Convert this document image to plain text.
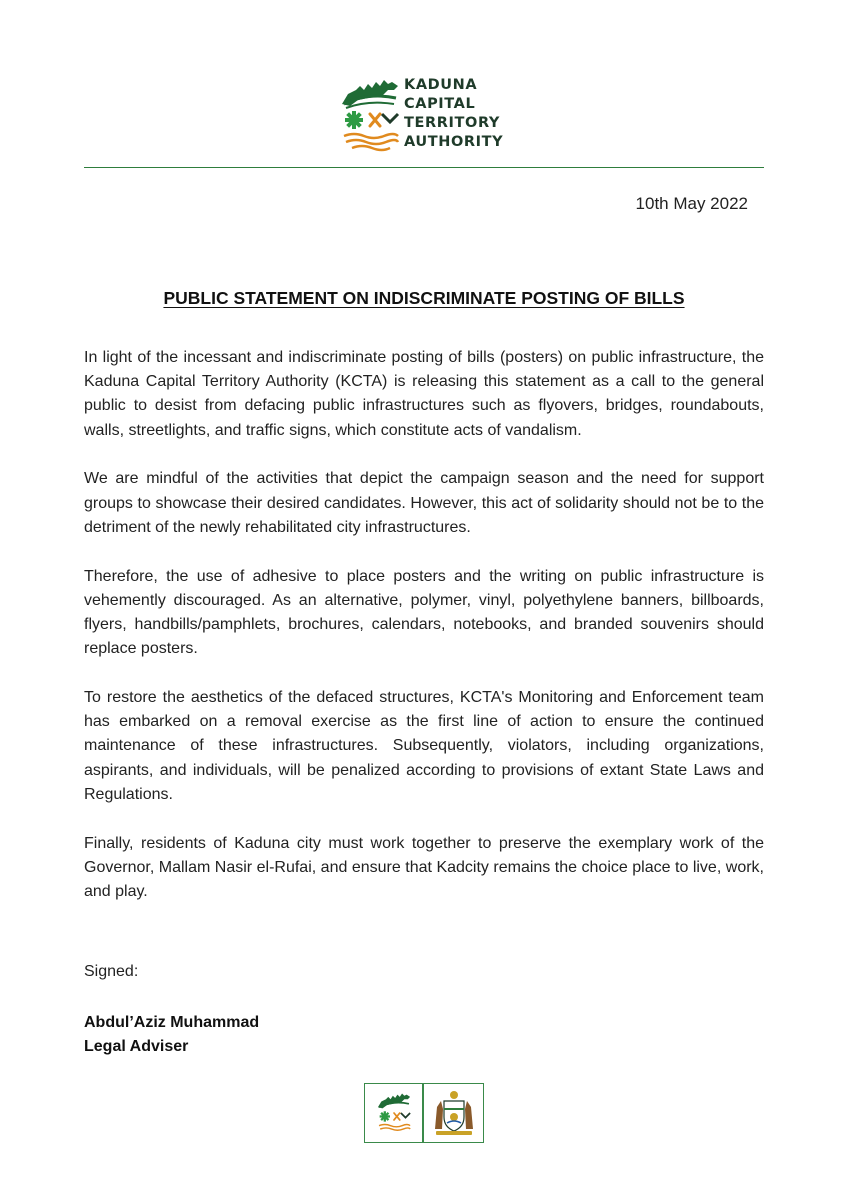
KADUNA
CAPITAL
TERRITORY
AUTHORITY
10th May 2022
PUBLIC STATEMENT ON INDISCRIMINATE POSTING OF BILLS

In light of the incessant and indiscriminate posting of bills (posters) on public infrastructure, the Kaduna Capital Territory Authority (KCTA) is releasing this statement as a call to the general public to desist from defacing public infrastructures such as flyovers, bridges, roundabouts, walls, streetlights, and traffic signs, which constitute acts of vandalism.

We are mindful of the activities that depict the campaign season and the need for support groups to showcase their desired candidates. However, this act of solidarity should not be to the detriment of the newly rehabilitated city infrastructures.

Therefore, the use of adhesive to place posters and the writing on public infrastructure is vehemently discouraged. As an alternative, polymer, vinyl, polyethylene banners, billboards, flyers, handbills/pamphlets, brochures, calendars, notebooks, and branded souvenirs should replace posters.

To restore the aesthetics of the defaced structures, KCTA's Monitoring and Enforcement team has embarked on a removal exercise as the first line of action to ensure the continued maintenance of these infrastructures. Subsequently, violators, including organizations, aspirants, and individuals, will be penalized according to provisions of extant State Laws and Regulations.

Finally, residents of Kaduna city must work together to preserve the exemplary work of the Governor, Mallam Nasir el-Rufai, and ensure that Kadcity remains the choice place to live, work, and play.

Signed:
Abdul’Aziz Muhammad
Legal Adviser
